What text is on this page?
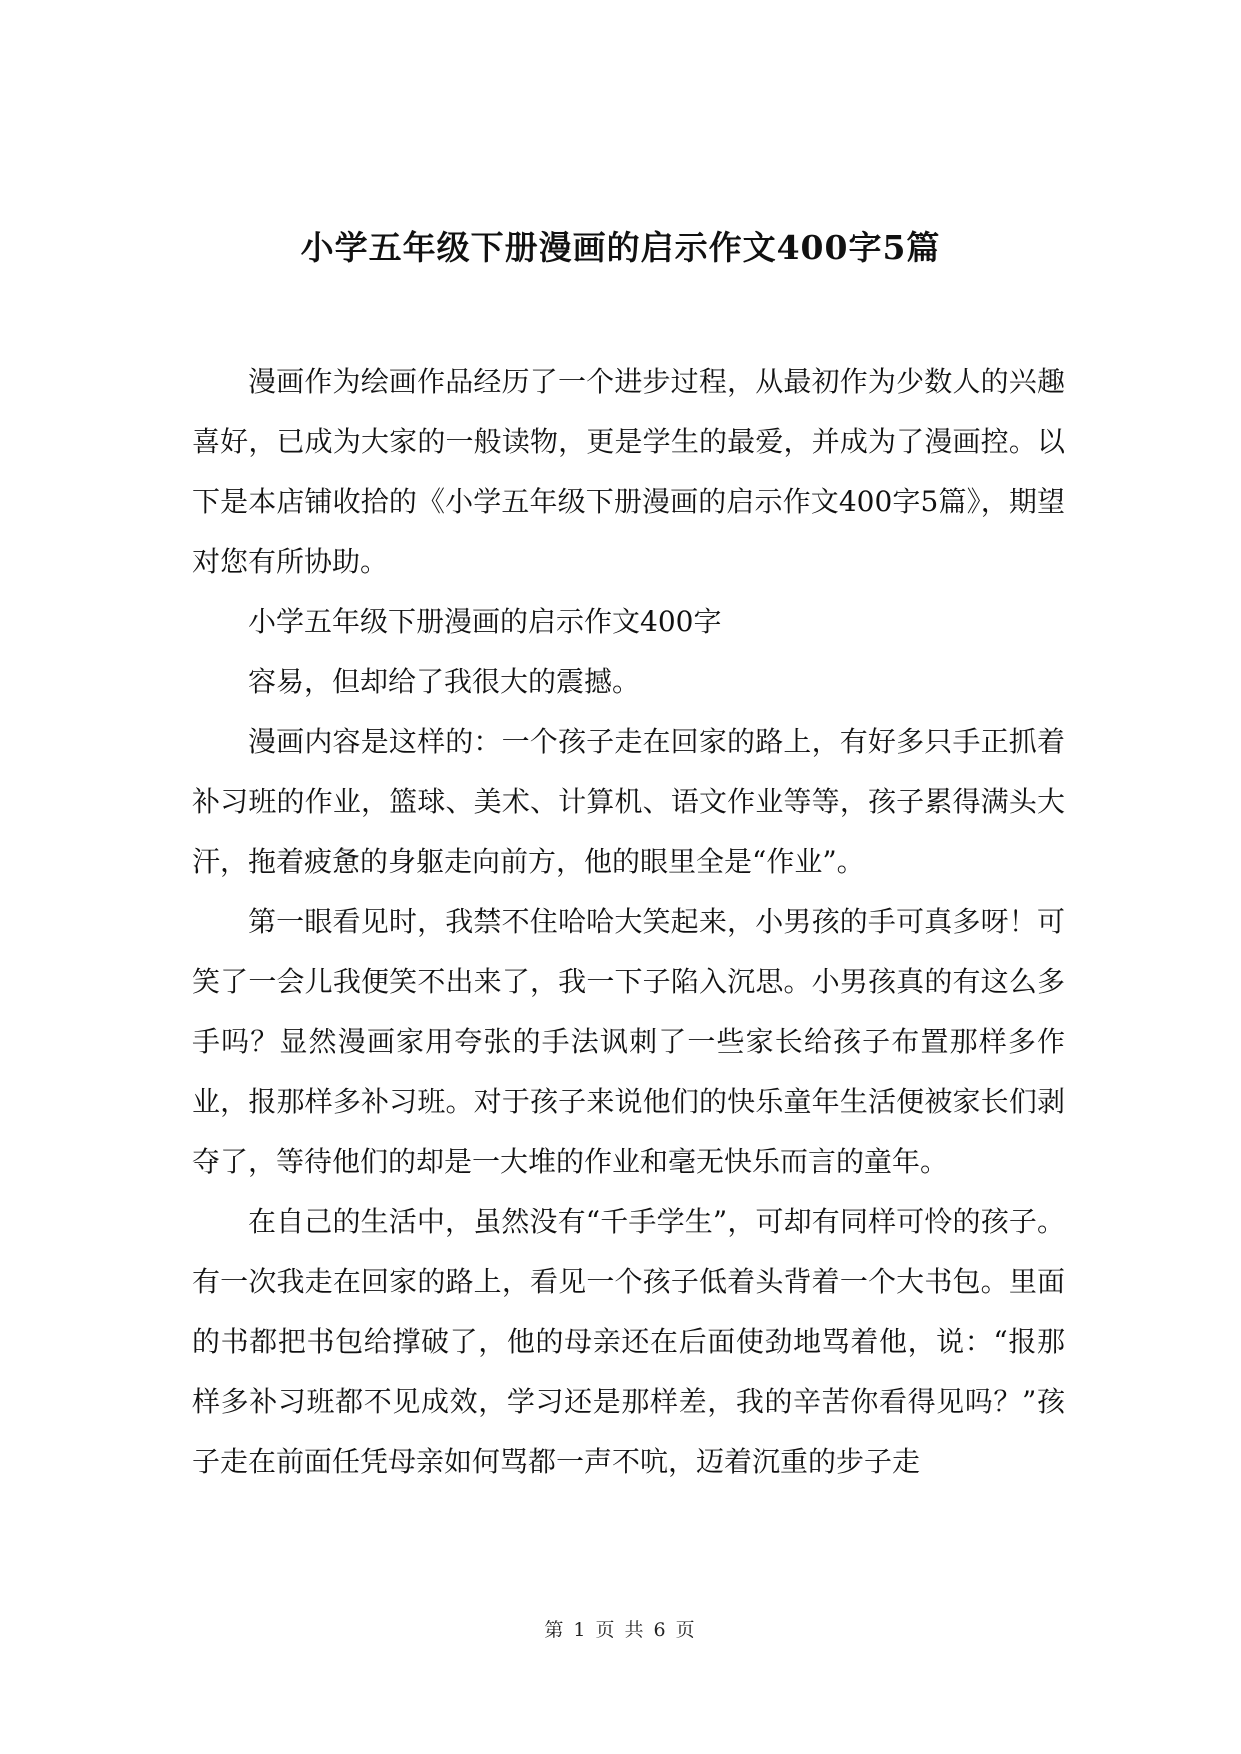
小学五年级下册漫画的启示作文400字5篇

漫画作为绘画作品经历了一个进步过程，从最初作为少数人的兴趣喜好，已成为大家的一般读物，更是学生的最爱，并成为了漫画控。以下是本店铺收拾的《小学五年级下册漫画的启示作文400字5篇》，期望对您有所协助。

小学五年级下册漫画的启示作文400字

容易，但却给了我很大的震撼。

漫画内容是这样的：一个孩子走在回家的路上，有好多只手正抓着补习班的作业，篮球、美术、计算机、语文作业等等，孩子累得满头大汗，拖着疲惫的身躯走向前方，他的眼里全是“作业”。

第一眼看见时，我禁不住哈哈大笑起来，小男孩的手可真多呀！可笑了一会儿我便笑不出来了，我一下子陷入沉思。小男孩真的有这么多手吗？显然漫画家用夸张的手法讽刺了一些家长给孩子布置那样多作业，报那样多补习班。对于孩子来说他们的快乐童年生活便被家长们剥夺了，等待他们的却是一大堆的作业和毫无快乐而言的童年。

在自己的生活中，虽然没有“千手学生”，可却有同样可怜的孩子。有一次我走在回家的路上，看见一个孩子低着头背着一个大书包。里面的书都把书包给撑破了，他的母亲还在后面使劲地骂着他，说：“报那样多补习班都不见成效，学习还是那样差，我的辛苦你看得见吗？”孩子走在前面任凭母亲如何骂都一声不吭，迈着沉重的步子走

第 1 页 共 6 页
